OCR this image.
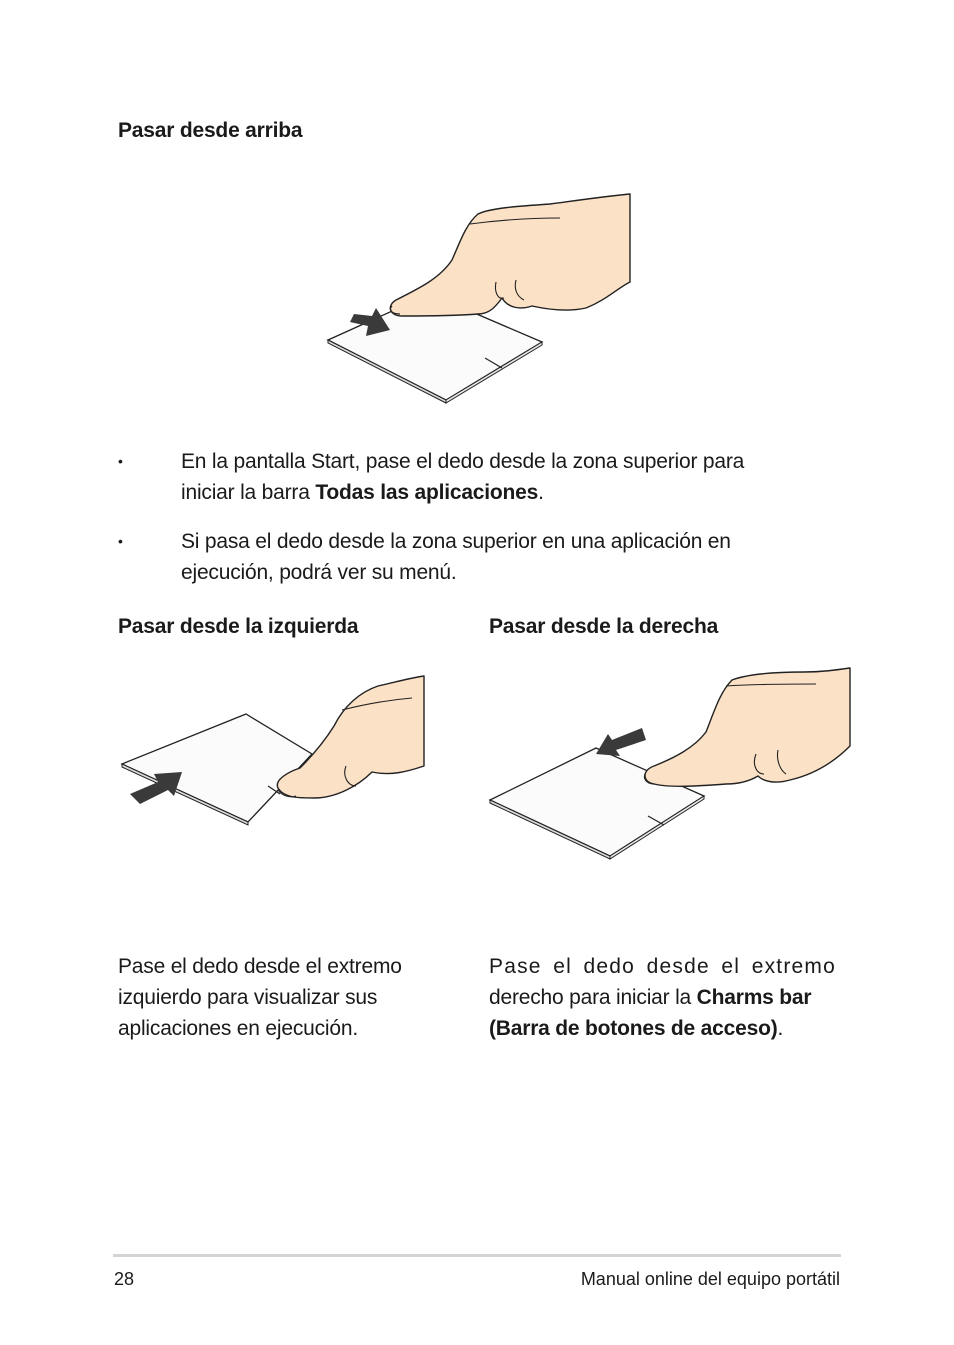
Pasar desde arriba
•	En la pantalla Start, pase el dedo desde la zona superior para
iniciar la barra Todas las aplicaciones.
•	Si pasa el dedo desde la zona superior en una aplicación en
ejecución, podrá ver su menú.
Pasar desde la izquierda
Pase el dedo desde el extremo
izquierdo para visualizar sus
aplicaciones en ejecución.
Pasar desde la derecha
Pase el dedo desde el extremo
derecho para iniciar la Charms bar
(Barra de botones de acceso).
28	Manual online del equipo portátil
